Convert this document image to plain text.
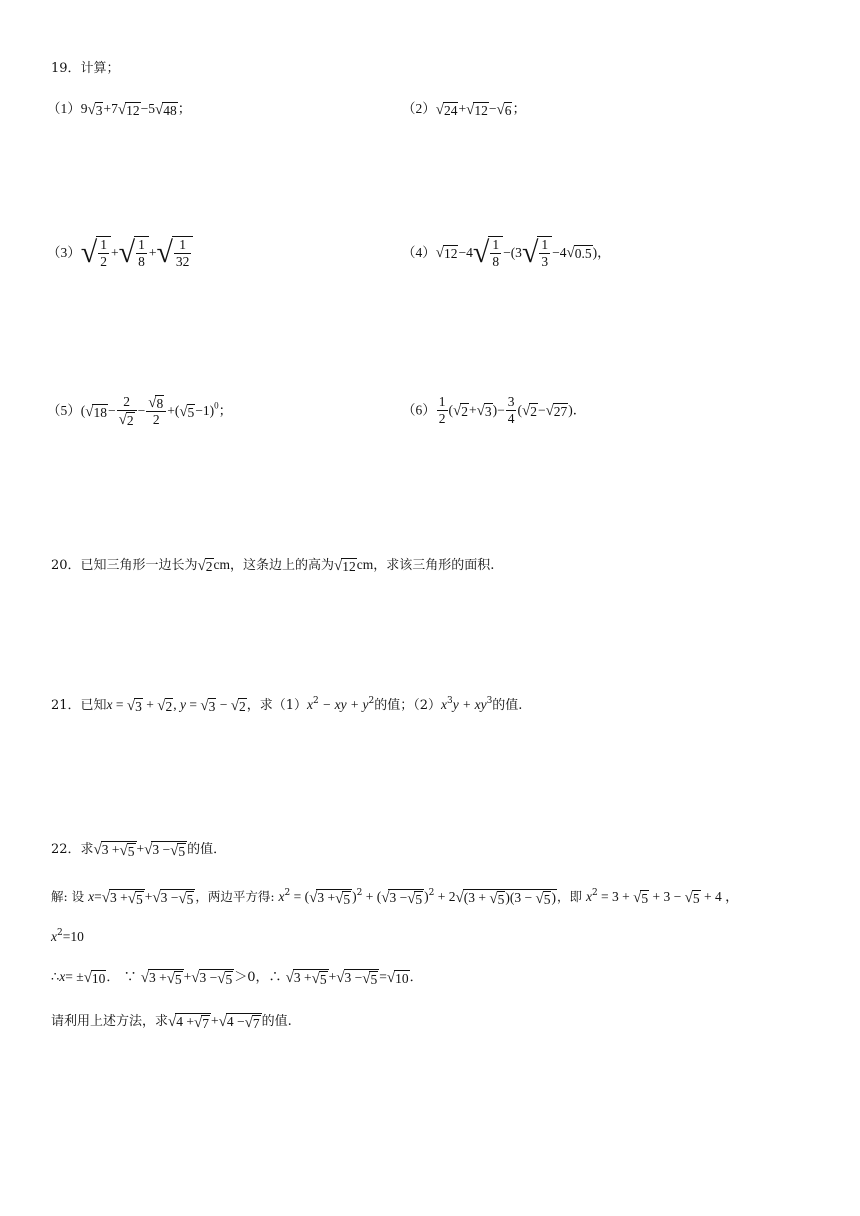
19．计算；
（1）9√3+7√12−5√48；	（2）√24+√12−√6；
$(3)√ \frac{1}{2}$ +√ $\frac{1}{8}$ +√ $\frac{1}{32}$	$(4)√12-4√ \frac{1}{8} -(3√ \frac{1}{3} -4√0.5)$，
$(5)(√18- \frac{2}{√2} - \frac{√8}{2} +(√5-1)^0$；	$(6) \frac{1}{2} (√2+√3)- \frac{3}{4} (√2-√27)$．
20．已知三角形一边长为√2cm，这条边上的高为√12cm，求该三角形的面积.
21．已知x = √3 + √2, y = √3 − √2，求$(1)x^2$ − xy + $y^2$的值；$(2)x^3y + xy^3$的值.
22．求√3 +√5 +√3 −√5 的值．
解: 设 x=√3 +√5 +√3 −√5 ，两边平方得: $x^2 = (√3 +√5$ )$^2$ + (√3 −√5 )$^2$ + 2√(3 + √5)(3 − √5)，即 $x^2 = 3 + √5 + 3 - √5 + 4$ ，
$x^2=10$
∴x= ±√10． ∵ √3 +√5 +√3 −√5 ＞0，∴ √3 +√5 +√3 −√5 =√10．
请利用上述方法，求√4 +√7 +√4 −√7 的值.
